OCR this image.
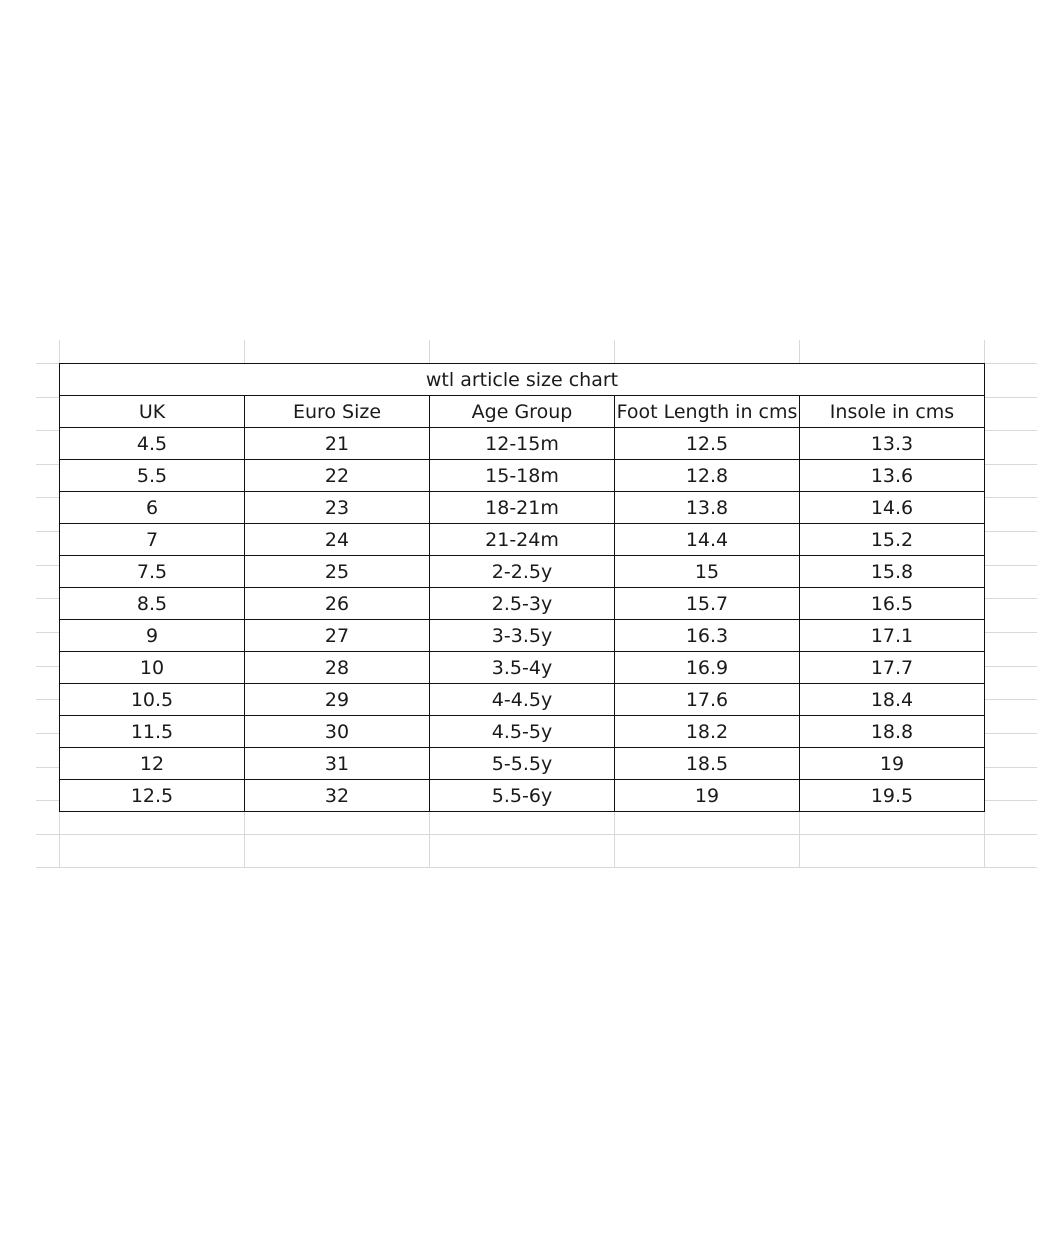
wtl article size chart				
UK	Euro Size	Age Group	Foot Length in cms	Insole in cms
4.5	21	12-15m	12.5	13.3
5.5	22	15-18m	12.8	13.6
6	23	18-21m	13.8	14.6
7	24	21-24m	14.4	15.2
7.5	25	2-2.5y	15	15.8
8.5	26	2.5-3y	15.7	16.5
9	27	3-3.5y	16.3	17.1
10	28	3.5-4y	16.9	17.7
10.5	29	4-4.5y	17.6	18.4
11.5	30	4.5-5y	18.2	18.8
12	31	5-5.5y	18.5	19
12.5	32	5.5-6y	19	19.5
